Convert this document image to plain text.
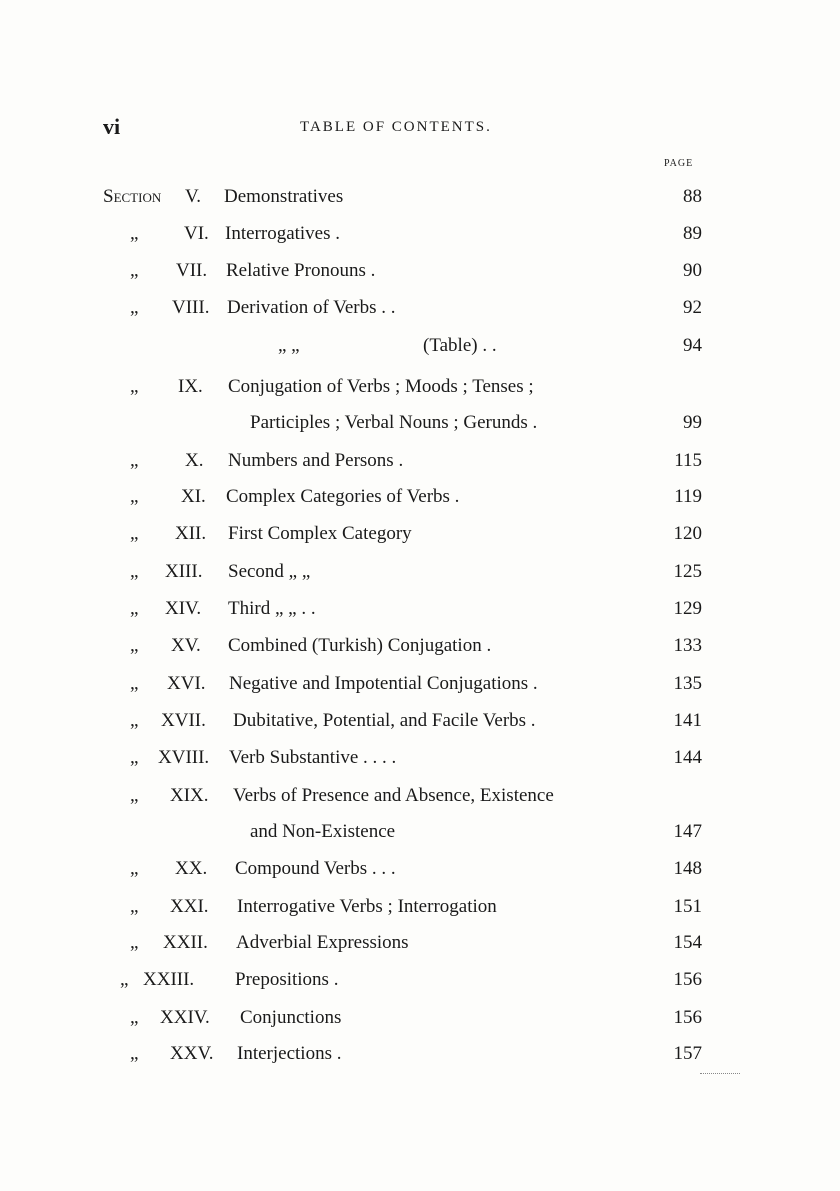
vi	TABLE OF CONTENTS.
PAGE
Section V. Demonstratives	88
„ VI. Interrogatives .	89
„ VII. Relative Pronouns .	90
„ VIII. Derivation of Verbs . .	92
„ „	(Table) . .	94
„ IX. Conjugation of Verbs ; Moods ; Tenses ;
Participles ; Verbal Nouns ; Gerunds .	99
„ X. Numbers and Persons .	115
„ XI. Complex Categories of Verbs .	119
„ XII. First Complex Category	120
„ XIII. Second „ „	125
„ XIV. Third „ „ . .	129
„ XV. Combined (Turkish) Conjugation .	133
„ XVI. Negative and Impotential Conjugations .	135
„ XVII. Dubitative, Potential, and Facile Verbs .	141
„ XVIII. Verb Substantive . . . .	144
„ XIX. Verbs of Presence and Absence, Existence
and Non-Existence	147
„ XX. Compound Verbs . . .	148
„ XXI. Interrogative Verbs ; Interrogation	151
„ XXII. Adverbial Expressions	154
„ XXIII. Prepositions .	156
„ XXIV. Conjunctions	156
„ XXV. Interjections .	157
